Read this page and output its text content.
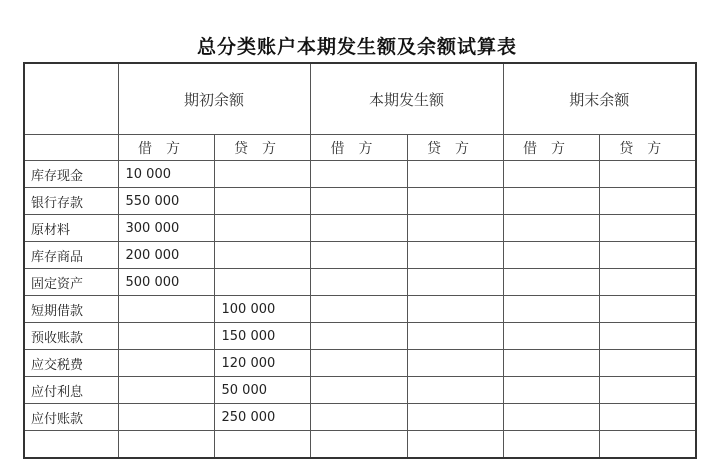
总分类账户本期发生额及余额试算表
	期初余额		本期发生额		期末余额	
	借方	贷方	借方	贷方	借方	贷方
库存现金	10 000					
银行存款	550 000					
原材料	300 000					
库存商品	200 000					
固定资产	500 000					
短期借款		100 000				
预收账款		150 000				
应交税费		120 000				
应付利息		50 000				
应付账款		250 000				
